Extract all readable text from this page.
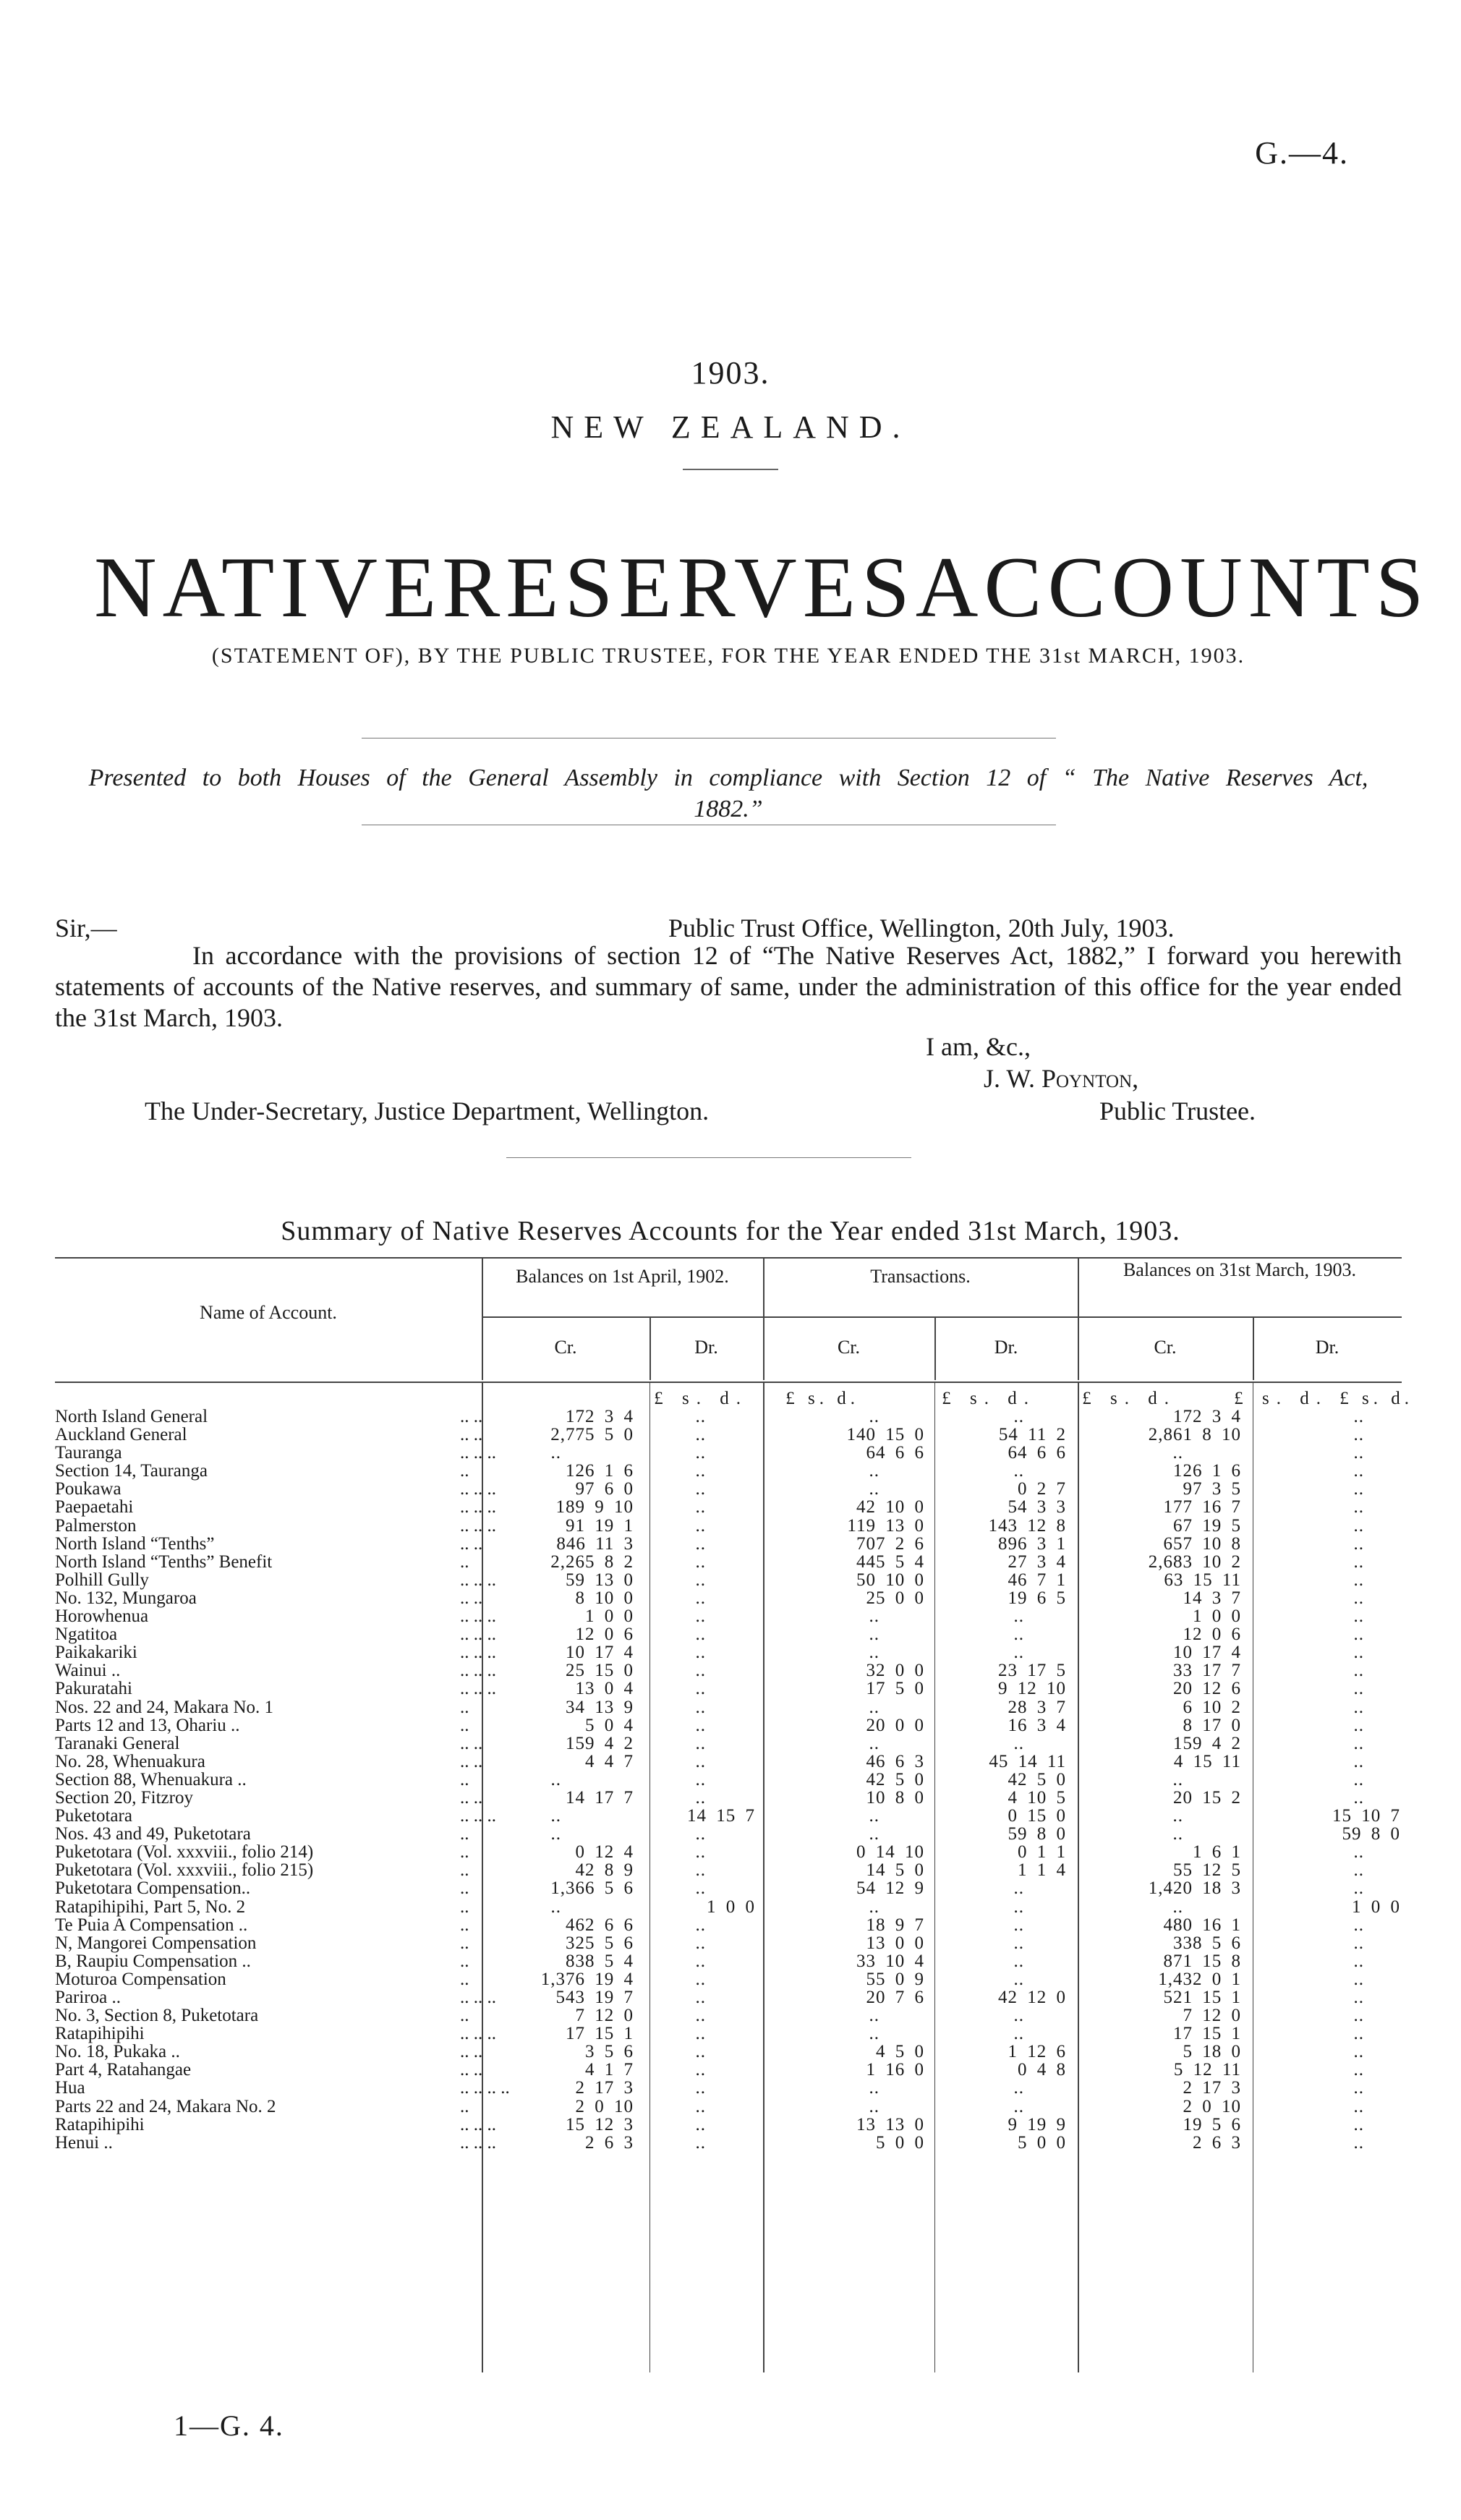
G.—4.
1903.
NEW ZEALAND.
NATIVE RESERVES ACCOUNTS
(STATEMENT OF), BY THE PUBLIC TRUSTEE, FOR THE YEAR ENDED THE 31st MARCH, 1903.
Presented to both Houses of the General Assembly in compliance with Section 12 of “ The Native Reserves Act, 1882.”
Sir,—	Public Trust Office, Wellington, 20th July, 1903.
In accordance with the provisions of section 12 of “The Native Reserves Act, 1882,” I forward you herewith statements of accounts of the Native reserves, and summary of same, under the administration of this office for the year ended the 31st March, 1903.
I am, &c.,
J. W. Poynton,
The Under-Secretary, Justice Department, Wellington.	Public Trustee.
Summary of Native Reserves Accounts for the Year ended 31st March, 1903.
Name of Account.
Balances on 1st April, 1902.	Transactions.	Balances on 31st March, 1903.
Cr.	Dr.	Cr.	Dr.	Cr.	Dr.
£ s. d. £ s. d.	£ s. d.	£ s. d.	£ s. d. £ s. d.
North Island General	.. ..	172 3 4	..	..	..	172 3 4	..
Auckland General	.. ..	2,775 5 0	..	140 15 0	54 11 2	2,861 8 10	..
Tauranga	.. .. ..	..	..	64 6 6	64 6 6	..	..
Section 14, Tauranga	..	126 1 6	..	..	..	126 1 6	..
Poukawa	.. .. ..	97 6 0	..	..	0 2 7	97 3 5	..
Paepaetahi	.. .. ..	189 9 10	..	42 10 0	54 3 3	177 16 7	..
Palmerston	.. .. ..	91 19 1	..	119 13 0	143 12 8	67 19 5	..
North Island “Tenths”	.. ..	846 11 3	..	707 2 6	896 3 1	657 10 8	..
North Island “Tenths” Benefit	..	2,265 8 2	..	445 5 4	27 3 4	2,683 10 2	..
Polhill Gully	.. .. ..	59 13 0	..	50 10 0	46 7 1	63 15 11	..
No. 132, Mungaroa	.. ..	8 10 0	..	25 0 0	19 6 5	14 3 7	..
Horowhenua	.. .. ..	1 0 0	..	..	..	1 0 0	..
Ngatitoa	.. .. ..	12 0 6	..	..	..	12 0 6	..
Paikakariki	.. .. ..	10 17 4	..	..	..	10 17 4	..
Wainui ..	.. .. ..	25 15 0	..	32 0 0	23 17 5	33 17 7	..
Pakuratahi	.. .. ..	13 0 4	..	17 5 0	9 12 10	20 12 6	..
Nos. 22 and 24, Makara No. 1	..	34 13 9	..	..	28 3 7	6 10 2	..
Parts 12 and 13, Ohariu ..	..	5 0 4	..	20 0 0	16 3 4	8 17 0	..
Taranaki General	.. ..	159 4 2	..	..	..	159 4 2	..
No. 28, Whenuakura	.. ..	4 4 7	..	46 6 3	45 14 11	4 15 11	..
Section 88, Whenuakura ..	..	..	..	42 5 0	42 5 0	..	..
Section 20, Fitzroy	.. ..	14 17 7	..	10 8 0	4 10 5	20 15 2	..
Puketotara	.. .. ..	..	14 15 7	..	0 15 0	..	15 10 7
Nos. 43 and 49, Puketotara	..	..	..	..	59 8 0	..	59 8 0
Puketotara (Vol. xxxviii., folio 214)	..	0 12 4	..	0 14 10	0 1 1	1 6 1	..
Puketotara (Vol. xxxviii., folio 215)	..	42 8 9	..	14 5 0	1 1 4	55 12 5	..
Puketotara Compensation..	..	1,366 5 6	..	54 12 9	..	1,420 18 3	..
Ratapihipihi, Part 5, No. 2	..	..	1 0 0	..	..	..	1 0 0
Te Puia A Compensation ..	..	462 6 6	..	18 9 7	..	480 16 1	..
N, Mangorei Compensation	..	325 5 6	..	13 0 0	..	338 5 6	..
B, Raupiu Compensation ..	..	838 5 4	..	33 10 4	..	871 15 8	..
Moturoa Compensation	..	1,376 19 4	..	55 0 9	..	1,432 0 1	..
Pariroa ..	.. .. ..	543 19 7	..	20 7 6	42 12 0	521 15 1	..
No. 3, Section 8, Puketotara	..	7 12 0	..	..	..	7 12 0	..
Ratapihipihi	.. .. ..	17 15 1	..	..	..	17 15 1	..
No. 18, Pukaka ..	.. ..	3 5 6	..	4 5 0	1 12 6	5 18 0	..
Part 4, Ratahangae	.. ..	4 1 7	..	1 16 0	0 4 8	5 12 11	..
Hua	.. .. .. ..	2 17 3	..	..	..	2 17 3	..
Parts 22 and 24, Makara No. 2	..	2 0 10	..	..	..	2 0 10	..
Ratapihipihi	.. .. ..	15 12 3	..	13 13 0	9 19 9	19 5 6	..
Henui ..	.. .. ..	2 6 3	..	5 0 0	5 0 0	2 6 3	..
1—G. 4.
